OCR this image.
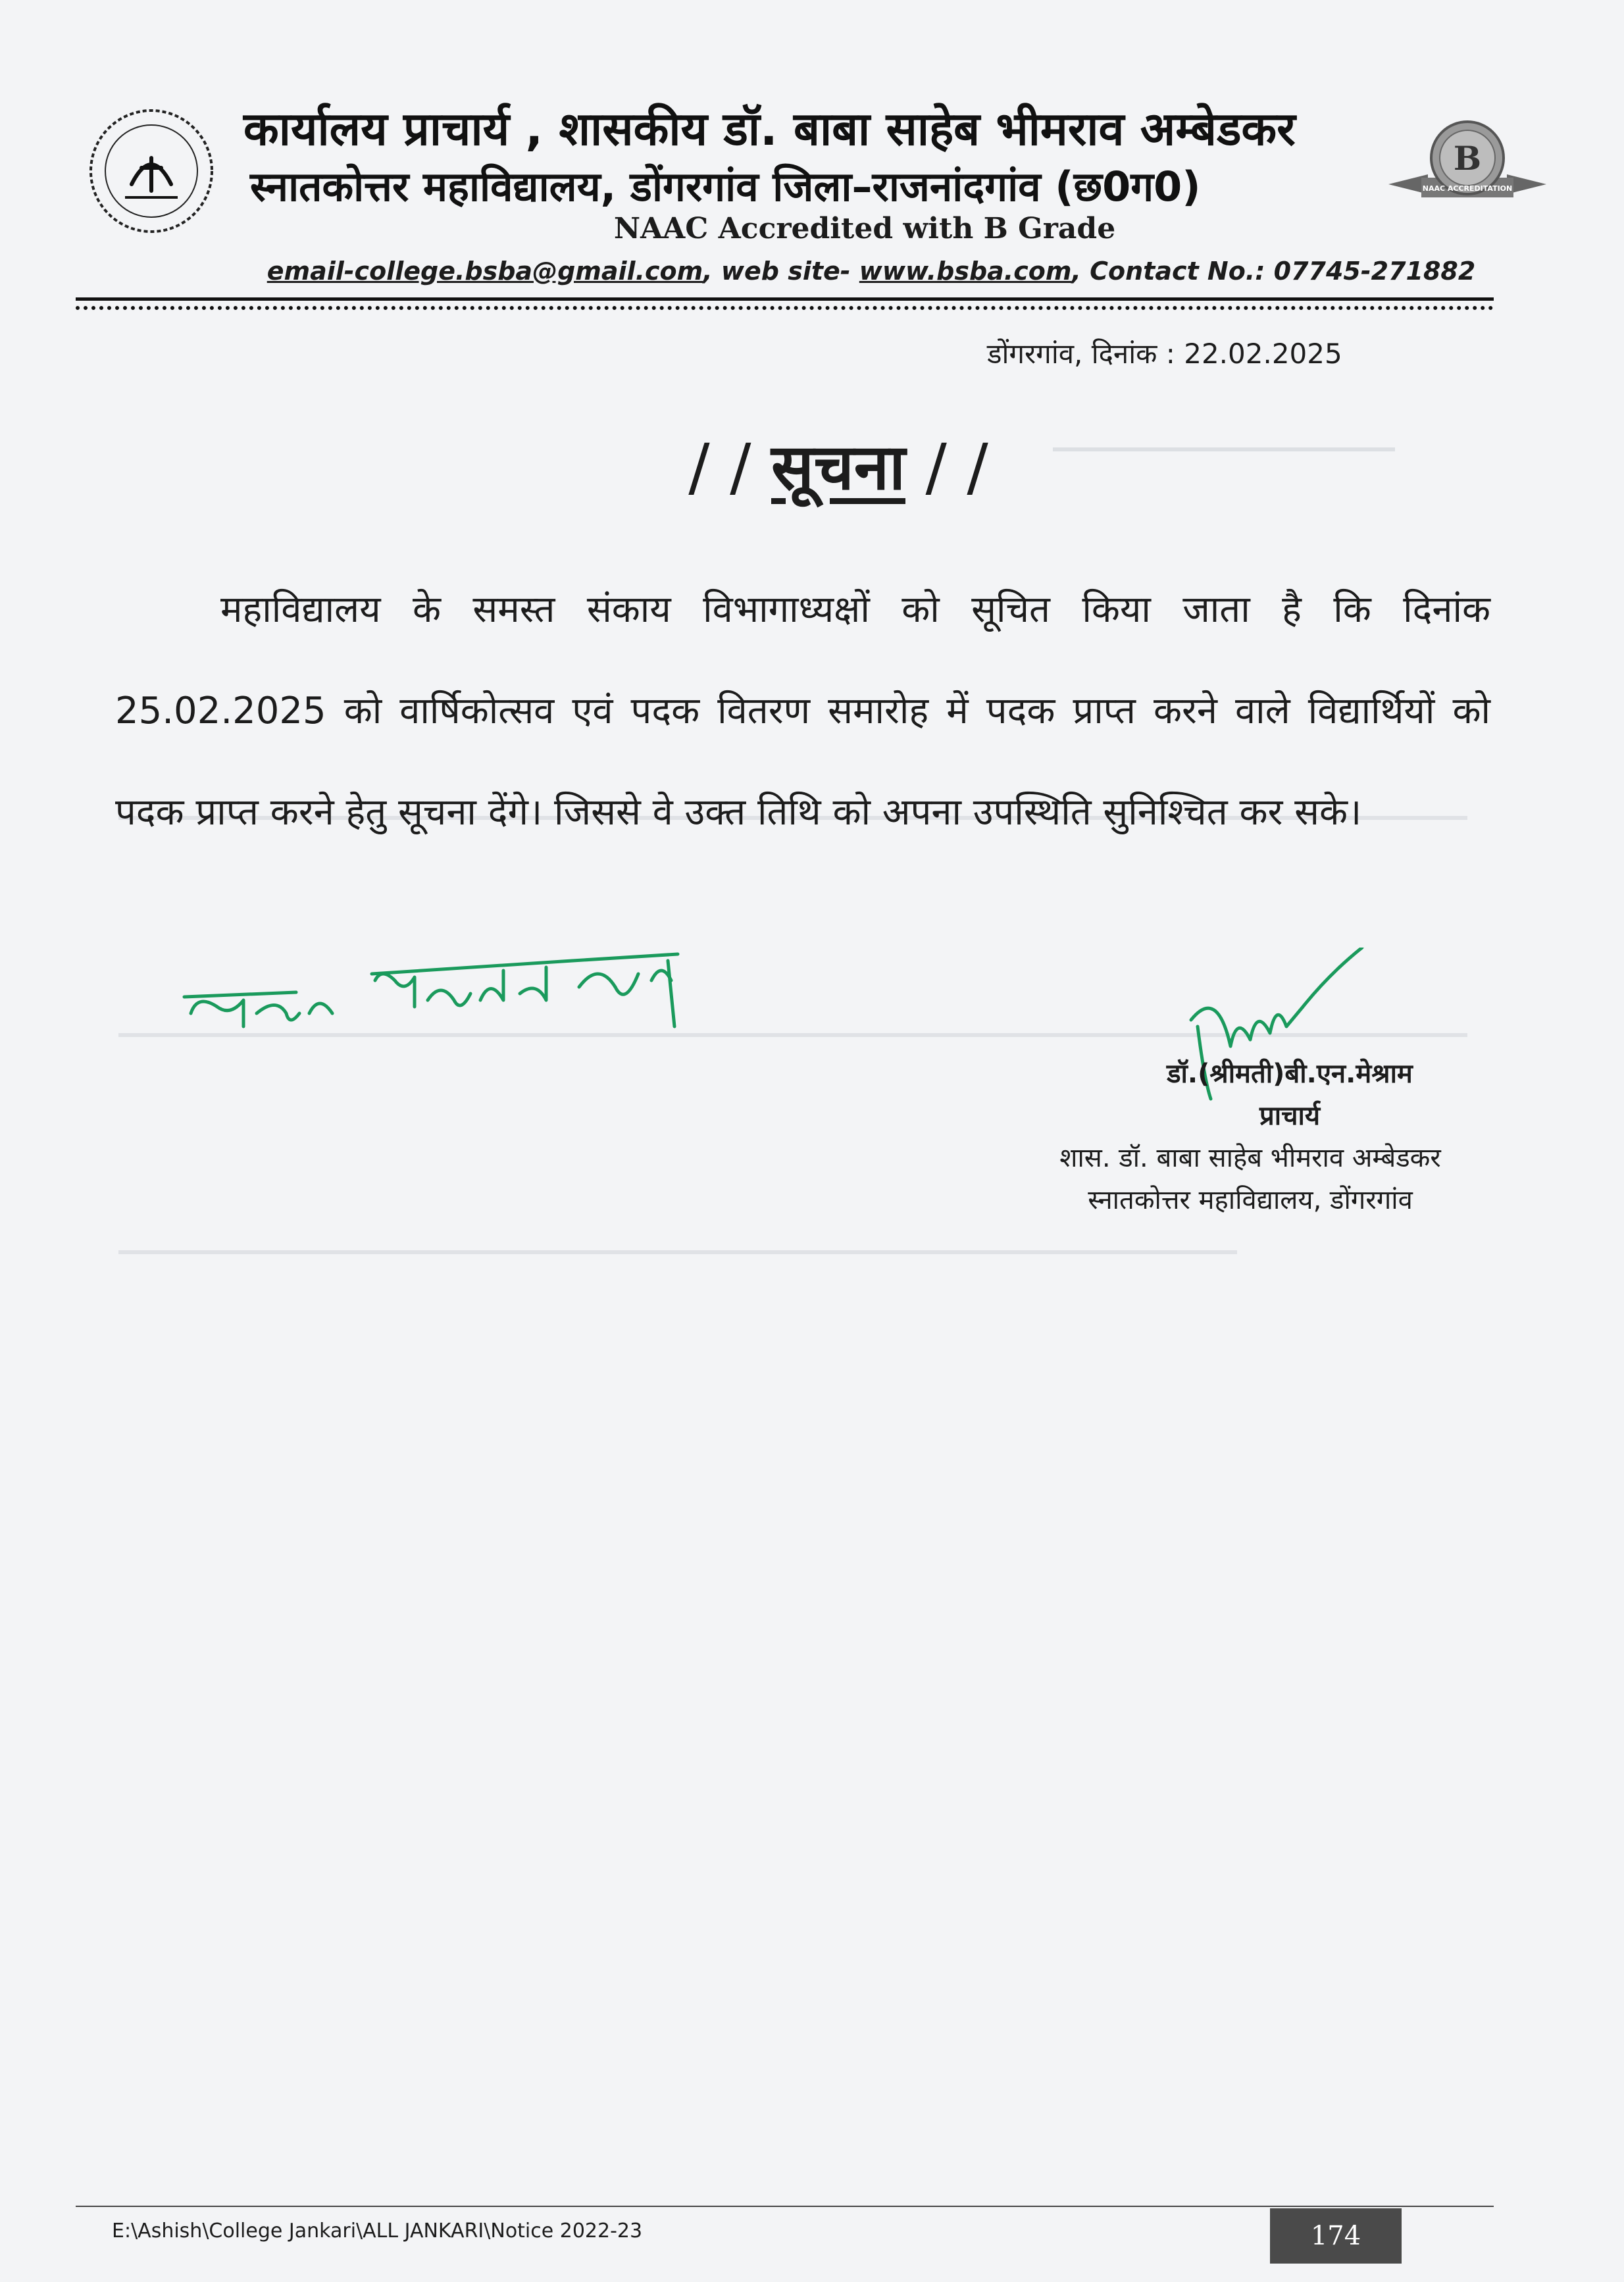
B
NAAC ACCREDITATION
कार्यालय प्राचार्य , शासकीय डॉ. बाबा साहेब भीमराव अम्बेडकर
स्नातकोत्तर महाविद्यालय, डोंगरगांव जिला–राजनांदगांव (छ0ग0)
NAAC Accredited with B Grade
email-college.bsba@gmail.com, web site- www.bsba.com, Contact No.: 07745-271882
डोंगरगांव, दिनांक : 22.02.2025
/ / सूचना / /

महाविद्यालय के समस्त संकाय विभागाध्यक्षों को सूचित किया जाता है कि दिनांक 25.02.2025 को वार्षिकोत्सव एवं पदक वितरण समारोह में पदक प्राप्त करने वाले विद्यार्थियों को पदक प्राप्त करने हेतु सूचना देंगे। जिससे वे उक्त तिथि को अपना उपस्थिति सुनिश्चित कर सके।

डॉ.(श्रीमती)बी.एन.मेश्राम
प्राचार्य
शास. डॉ. बाबा साहेब भीमराव अम्बेडकर
स्नातकोत्तर महाविद्यालय, डोंगरगांव
E:\Ashish\College Jankari\ALL JANKARI\Notice 2022-23	174
